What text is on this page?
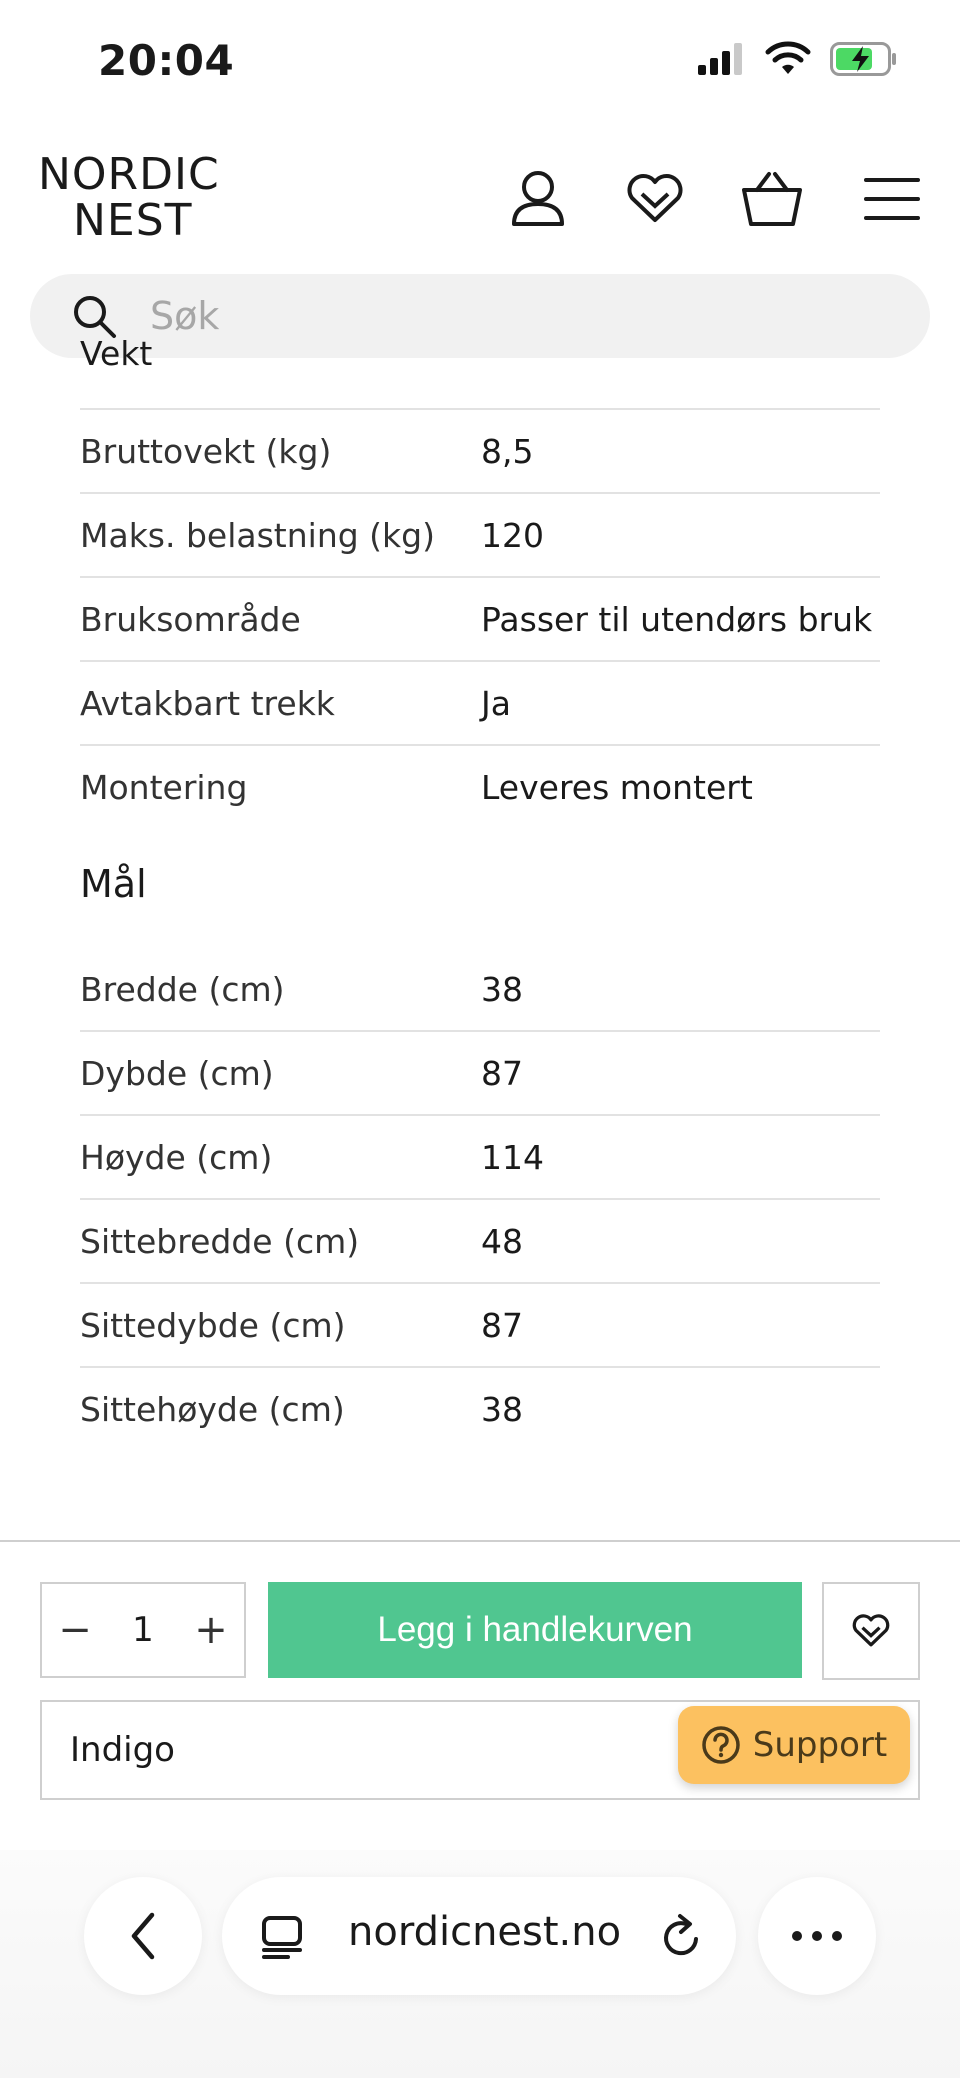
20:04
NORDIC
NEST
Søk
Vekt
Bruttovekt (kg)	8,5
Maks. belastning (kg) 120
Bruksområde	Passer til utendørs bruk
Avtakbart trekk	Ja
Montering	Leveres montert
Mål
Bredde (cm)	38
Dybde (cm)	87
Høyde (cm)	114
Sittebredde (cm)	48
Sittedybde (cm)	87
Sittehøyde (cm)	38
−	1	+	Legg i handlekurven
Indigo	Support
nordicnest.no
